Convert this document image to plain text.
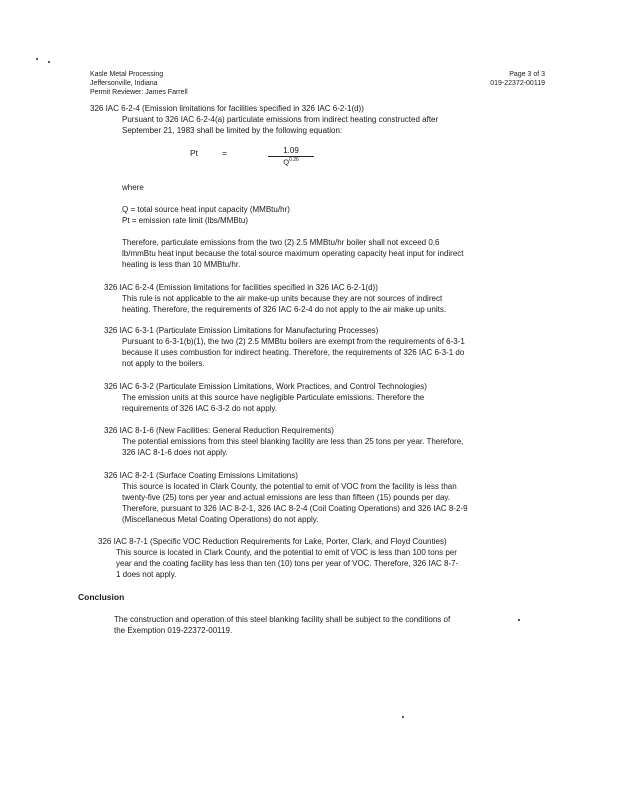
Kasle Metal Processing
Jeffersonville, Indiana
Permit Reviewer: James Farrell
Page 3 of 3
019-22372-00119
326 IAC 6-2-4 (Emission limitations for facilities specified in 326 IAC 6-2-1(d))
Pursuant to 326 IAC 6-2-4(a) particulate emissions from indirect heating constructed after
September 21, 1983 shall be limited by the following equation:
Pt	=	$\frac{1.09}{Q^{0.26}}$
where
Q = total source heat input capacity (MMBtu/hr)
Pt = emission rate limit (lbs/MMBtu)
Therefore, particulate emissions from the two (2) 2.5 MMBtu/hr boiler shall not exceed 0.6
lb/mmBtu heat input because the total source maximum operating capacity heat input for indirect
heating is less than 10 MMBtu/hr.
326 IAC 6-2-4 (Emission limitations for facilities specified in 326 IAC 6-2-1(d))
This rule is not applicable to the air make-up units because they are not sources of indirect
heating. Therefore, the requirements of 326 IAC 6-2-4 do not apply to the air make up units.
326 IAC 6-3-1 (Particulate Emission Limitations for Manufacturing Processes)
Pursuant to 6-3-1(b)(1), the two (2) 2.5 MMBtu boilers are exempt from the requirements of 6-3-1
because it uses combustion for indirect heating. Therefore, the requirements of 326 IAC 6-3-1 do
not apply to the boilers.
326 IAC 6-3-2 (Particulate Emission Limitations, Work Practices, and Control Technologies)
The emission units at this source have negligible Particulate emissions. Therefore the
requirements of 326 IAC 6-3-2 do not apply.
326 IAC 8-1-6 (New Facilities: General Reduction Requirements)
The potential emissions from this steel blanking facility are less than 25 tons per year. Therefore,
326 IAC 8-1-6 does not apply.
326 IAC 8-2-1 (Surface Coating Emissions Limitations)
This source is located in Clark County, the potential to emit of VOC from the facility is less than
twenty-five (25) tons per year and actual emissions are less than fifteen (15) pounds per day.
Therefore, pursuant to 326 IAC 8-2-1, 326 IAC 8-2-4 (Coil Coating Operations) and 326 IAC 8-2-9
(Miscellaneous Metal Coating Operations) do not apply.
326 IAC 8-7-1 (Specific VOC Reduction Requirements for Lake, Porter, Clark, and Floyd Counties)
This source is located in Clark County, and the potential to emit of VOC is less than 100 tons per
year and the coating facility has less than ten (10) tons per year of VOC. Therefore, 326 IAC 8-7-
1 does not apply.
Conclusion
The construction and operation of this steel blanking facility shall be subject to the conditions of
the Exemption 019-22372-00119.
